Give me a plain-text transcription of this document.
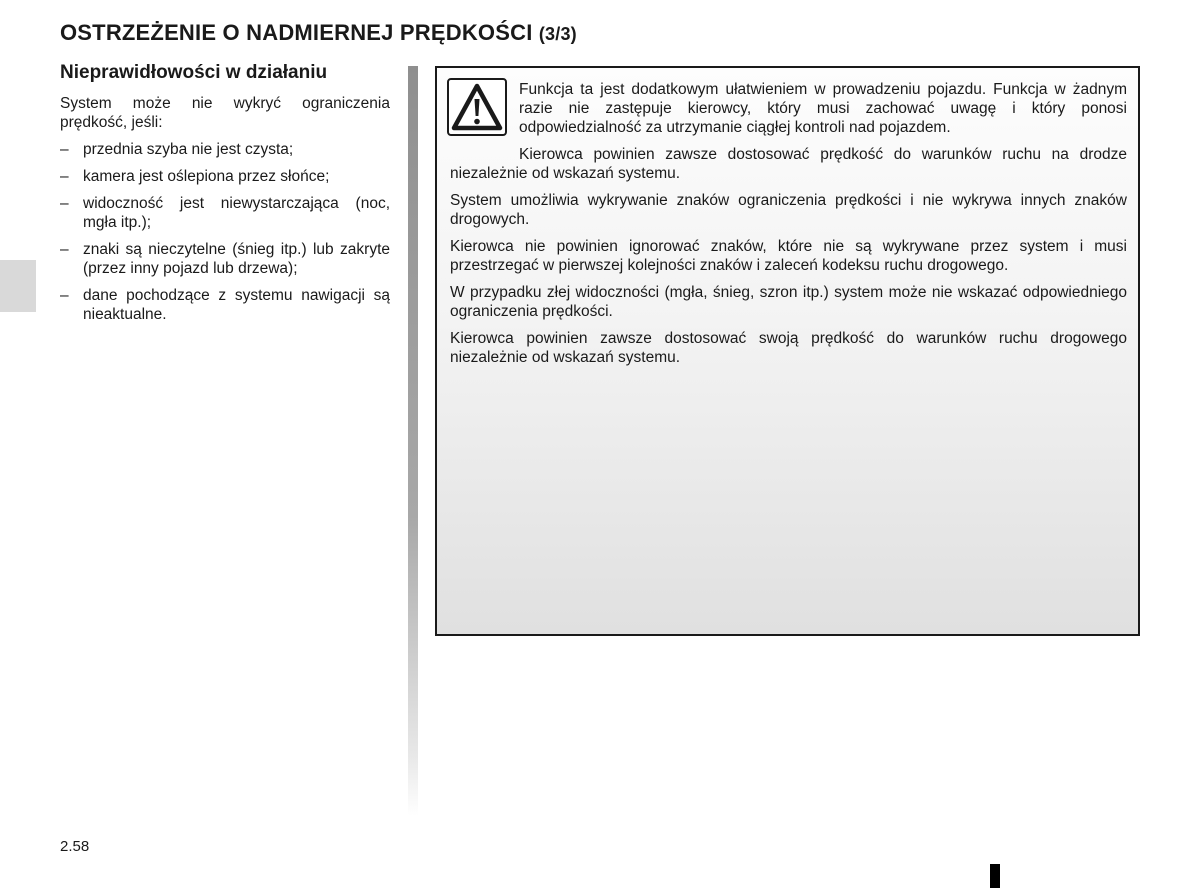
OSTRZEŻENIE O NADMIERNEJ PRĘDKOŚCI (3/3)
Nieprawidłowości w działaniu

System może nie wykryć ograniczenia prędkość, jeśli:

– przednia szyba nie jest czysta;
– kamera jest oślepiona przez słońce;
– widoczność jest niewystarczająca (noc, mgła itp.);
– znaki są nieczytelne (śnieg itp.) lub zakryte (przez inny pojazd lub drzewa);
– dane pochodzące z systemu nawigacji są nieaktualne.

Funkcja ta jest dodatkowym ułatwieniem w prowadzeniu pojazdu. Funkcja w żadnym razie nie zastępuje kierowcy, który musi zachować uwagę i który ponosi odpowiedzialność za utrzymanie ciągłej kontroli nad pojazdem.

Kierowca powinien zawsze dostosować prędkość do warunków ruchu na drodze niezależnie od wskazań systemu.

System umożliwia wykrywanie znaków ograniczenia prędkości i nie wykrywa innych znaków drogowych.

Kierowca nie powinien ignorować znaków, które nie są wykrywane przez system i musi przestrzegać w pierwszej kolejności znaków i zaleceń kodeksu ruchu drogowego.

W przypadku złej widoczności (mgła, śnieg, szron itp.) system może nie wskazać odpowiedniego ograniczenia prędkości.

Kierowca powinien zawsze dostosować swoją prędkość do warunków ruchu drogowego niezależnie od wskazań systemu.

2.58
